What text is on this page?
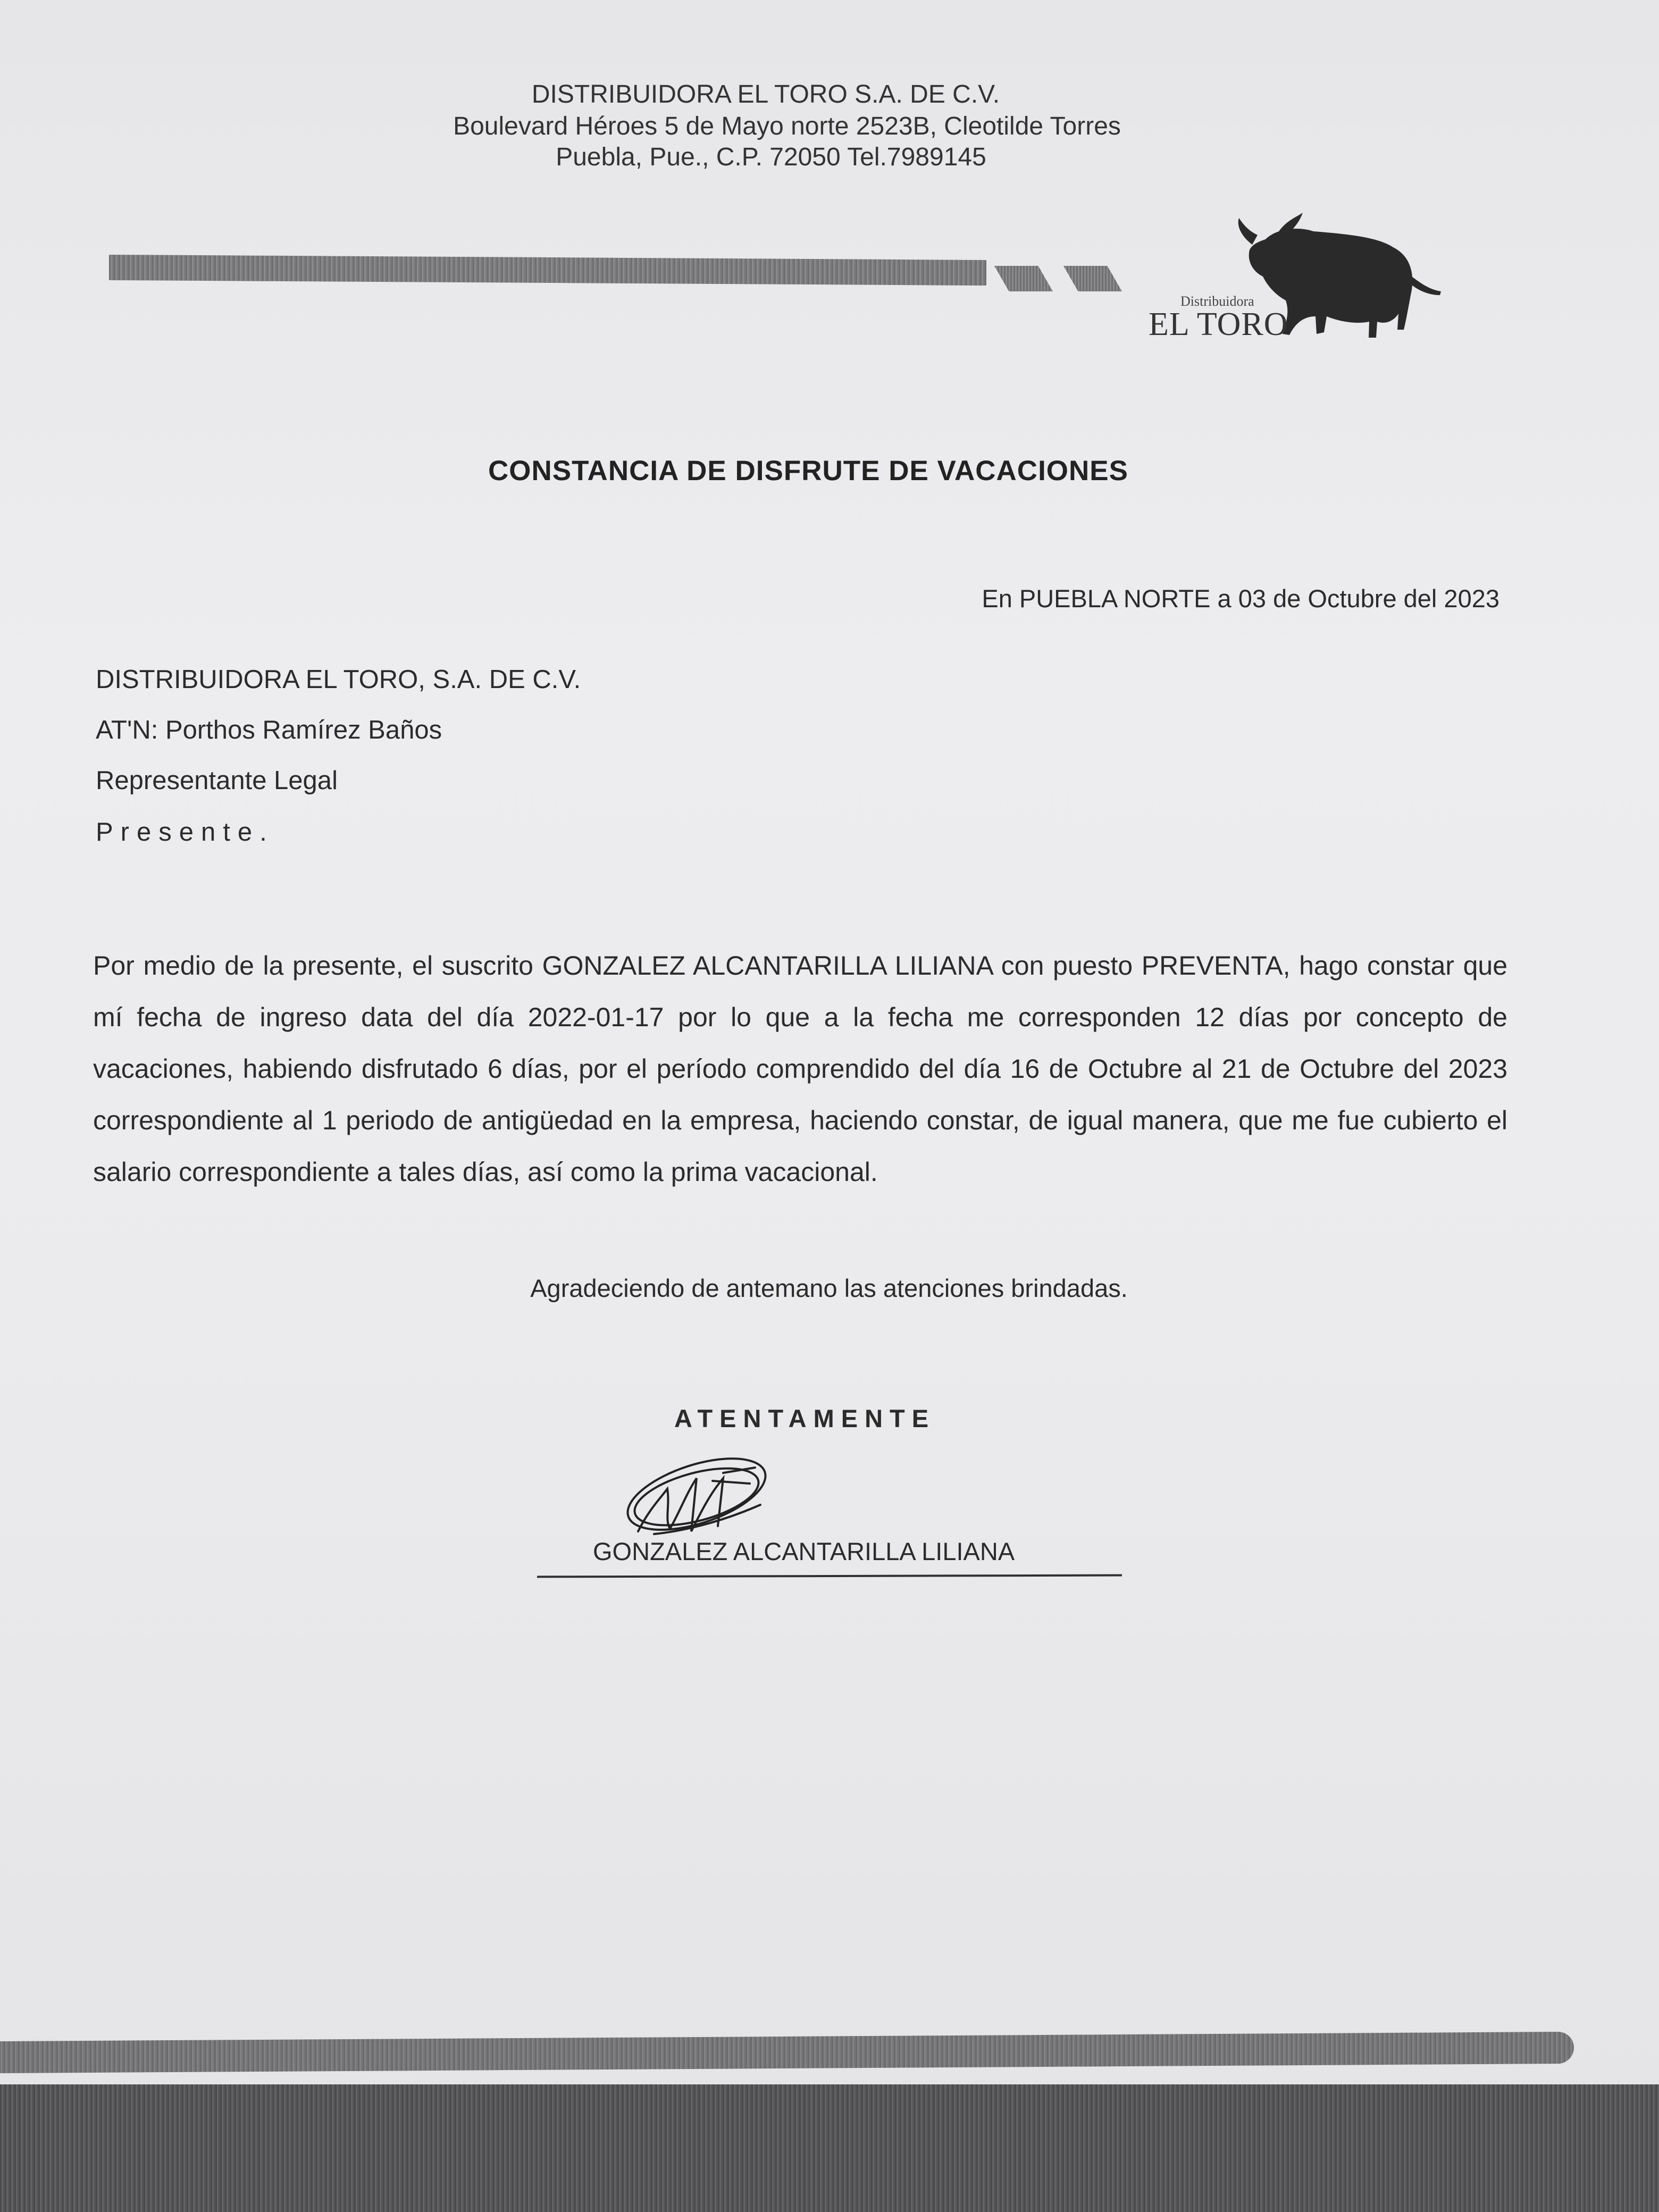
DISTRIBUIDORA EL TORO S.A. DE C.V.
Boulevard Héroes 5 de Mayo norte 2523B, Cleotilde Torres
Puebla, Pue., C.P. 72050 Tel.7989145
Distribuidora
EL TORO
CONSTANCIA DE DISFRUTE DE VACACIONES
En PUEBLA NORTE a 03 de Octubre del 2023
DISTRIBUIDORA EL TORO, S.A. DE C.V.
AT'N: Porthos Ramírez Baños
Representante Legal
Presente.
Por medio de la presente, el suscrito GONZALEZ ALCANTARILLA LILIANA con puesto PREVENTA, hago constar que mí fecha de ingreso data del día 2022-01-17 por lo que a la fecha me corresponden 12 días por concepto de vacaciones, habiendo disfrutado 6 días, por el período comprendido del día 16 de Octubre al 21 de Octubre del 2023 correspondiente al 1 periodo de antigüedad en la empresa, haciendo constar, de igual manera, que me fue cubierto el salario correspondiente a tales días, así como la prima vacacional.
Agradeciendo de antemano las atenciones brindadas.
ATENTAMENTE
GONZALEZ ALCANTARILLA LILIANA
